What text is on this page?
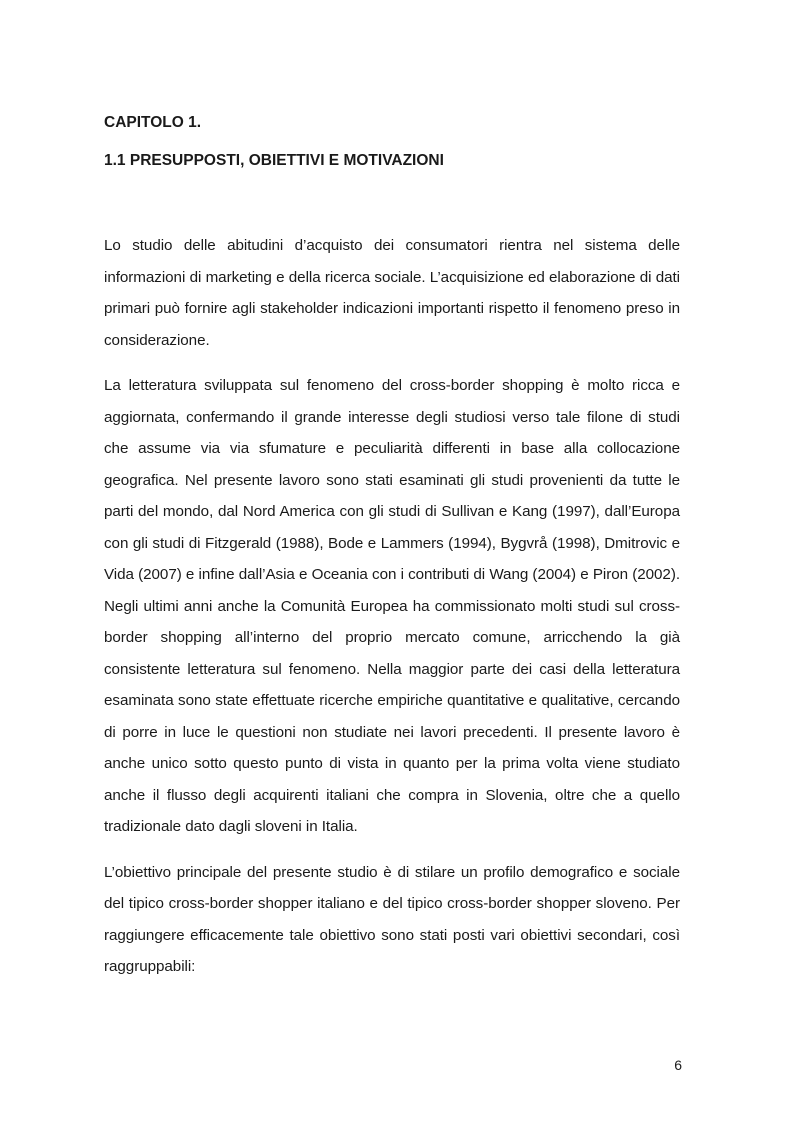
CAPITOLO 1.

1.1 PRESUPPOSTI, OBIETTIVI E MOTIVAZIONI

Lo studio delle abitudini d’acquisto dei consumatori rientra nel sistema delle informazioni di marketing e della ricerca sociale. L’acquisizione ed elaborazione di dati primari può fornire agli stakeholder indicazioni importanti rispetto il fenomeno preso in considerazione.

La letteratura sviluppata sul fenomeno del cross-border shopping è molto ricca e aggiornata, confermando il grande interesse degli studiosi verso tale filone di studi che assume via via sfumature e peculiarità differenti in base alla collocazione geografica. Nel presente lavoro sono stati esaminati gli studi provenienti da tutte le parti del mondo, dal Nord America con gli studi di Sullivan e Kang (1997), dall’Europa con gli studi di Fitzgerald (1988), Bode e Lammers (1994), Bygvrå (1998), Dmitrovic e Vida (2007) e infine dall’Asia e Oceania con i contributi di Wang (2004) e Piron (2002). Negli ultimi anni anche la Comunità Europea ha commissionato molti studi sul cross-border shopping all’interno del proprio mercato comune, arricchendo la già consistente letteratura sul fenomeno. Nella maggior parte dei casi della letteratura esaminata sono state effettuate ricerche empiriche quantitative e qualitative, cercando di porre in luce le questioni non studiate nei lavori precedenti. Il presente lavoro è anche unico sotto questo punto di vista in quanto per la prima volta viene studiato anche il flusso degli acquirenti italiani che compra in Slovenia, oltre che a quello tradizionale dato dagli sloveni in Italia.

L’obiettivo principale del presente studio è di stilare un profilo demografico e sociale del tipico cross-border shopper italiano e del tipico cross-border shopper sloveno. Per raggiungere efficacemente tale obiettivo sono stati posti vari obiettivi secondari, così raggruppabili:

6
